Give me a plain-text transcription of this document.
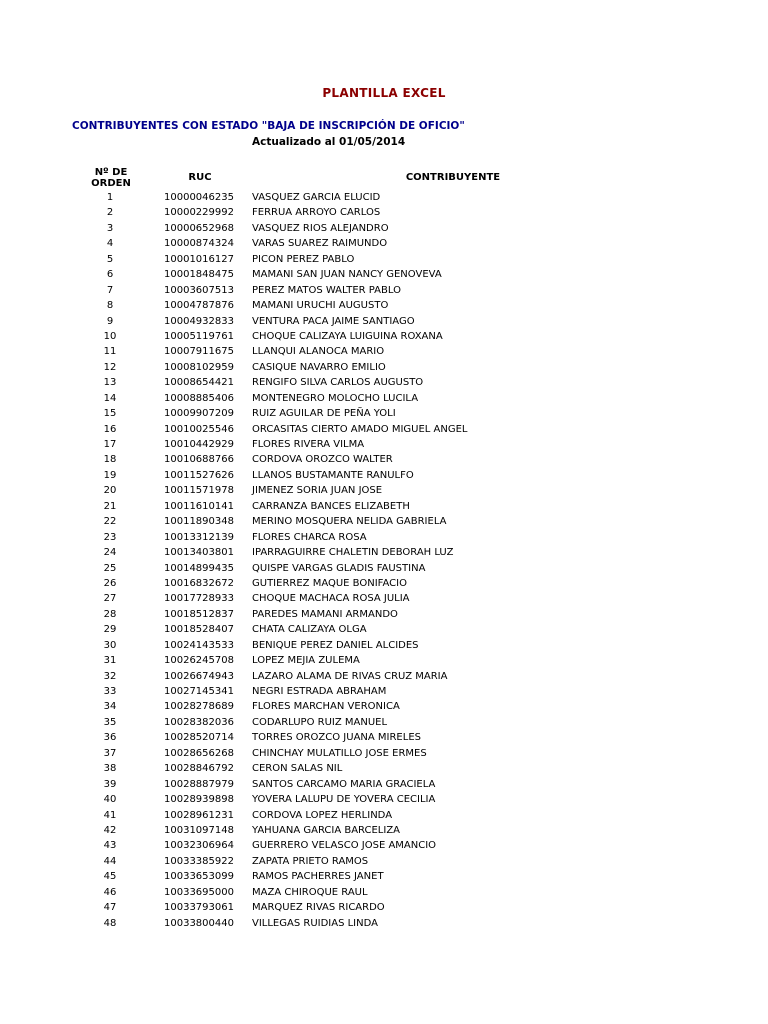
PLANTILLA EXCEL
CONTRIBUYENTES CON ESTADO "BAJA DE INSCRIPCIÓN DE OFICIO"
Actualizado al 01/05/2014
Nº DE
ORDEN
RUC	CONTRIBUYENTE
1	10000046235	VASQUEZ GARCIA ELUCID
2	10000229992	FERRUA ARROYO CARLOS
3	10000652968	VASQUEZ RIOS ALEJANDRO
4	10000874324	VARAS SUAREZ RAIMUNDO
5	10001016127	PICON PEREZ PABLO
6	10001848475	MAMANI SAN JUAN NANCY GENOVEVA
7	10003607513	PEREZ MATOS WALTER PABLO
8	10004787876	MAMANI URUCHI AUGUSTO
9	10004932833	VENTURA PACA JAIME SANTIAGO
10	10005119761	CHOQUE CALIZAYA LUIGUINA ROXANA
11	10007911675	LLANQUI ALANOCA MARIO
12	10008102959	CASIQUE NAVARRO EMILIO
13	10008654421	RENGIFO SILVA CARLOS AUGUSTO
14	10008885406	MONTENEGRO MOLOCHO LUCILA
15	10009907209	RUIZ AGUILAR DE PEÑA YOLI
16	10010025546	ORCASITAS CIERTO AMADO MIGUEL ANGEL
17	10010442929	FLORES RIVERA VILMA
18	10010688766	CORDOVA OROZCO WALTER
19	10011527626	LLANOS BUSTAMANTE RANULFO
20	10011571978	JIMENEZ SORIA JUAN JOSE
21	10011610141	CARRANZA BANCES ELIZABETH
22	10011890348	MERINO MOSQUERA NELIDA GABRIELA
23	10013312139	FLORES CHARCA ROSA
24	10013403801	IPARRAGUIRRE CHALETIN DEBORAH LUZ
25	10014899435	QUISPE VARGAS GLADIS FAUSTINA
26	10016832672	GUTIERREZ MAQUE BONIFACIO
27	10017728933	CHOQUE MACHACA ROSA JULIA
28	10018512837	PAREDES MAMANI ARMANDO
29	10018528407	CHATA CALIZAYA OLGA
30	10024143533	BENIQUE PEREZ DANIEL ALCIDES
31	10026245708	LOPEZ MEJIA ZULEMA
32	10026674943	LAZARO ALAMA DE RIVAS CRUZ MARIA
33	10027145341	NEGRI ESTRADA ABRAHAM
34	10028278689	FLORES MARCHAN VERONICA
35	10028382036	CODARLUPO RUIZ MANUEL
36	10028520714	TORRES OROZCO JUANA MIRELES
37	10028656268	CHINCHAY MULATILLO JOSE ERMES
38	10028846792	CERON SALAS NIL
39	10028887979	SANTOS CARCAMO MARIA GRACIELA
40	10028939898	YOVERA LALUPU DE YOVERA CECILIA
41	10028961231	CORDOVA LOPEZ HERLINDA
42	10031097148	YAHUANA GARCIA BARCELIZA
43	10032306964	GUERRERO VELASCO JOSE AMANCIO
44	10033385922	ZAPATA PRIETO RAMOS
45	10033653099	RAMOS PACHERRES JANET
46	10033695000	MAZA CHIROQUE RAUL
47	10033793061	MARQUEZ RIVAS RICARDO
48	10033800440	VILLEGAS RUIDIAS LINDA
